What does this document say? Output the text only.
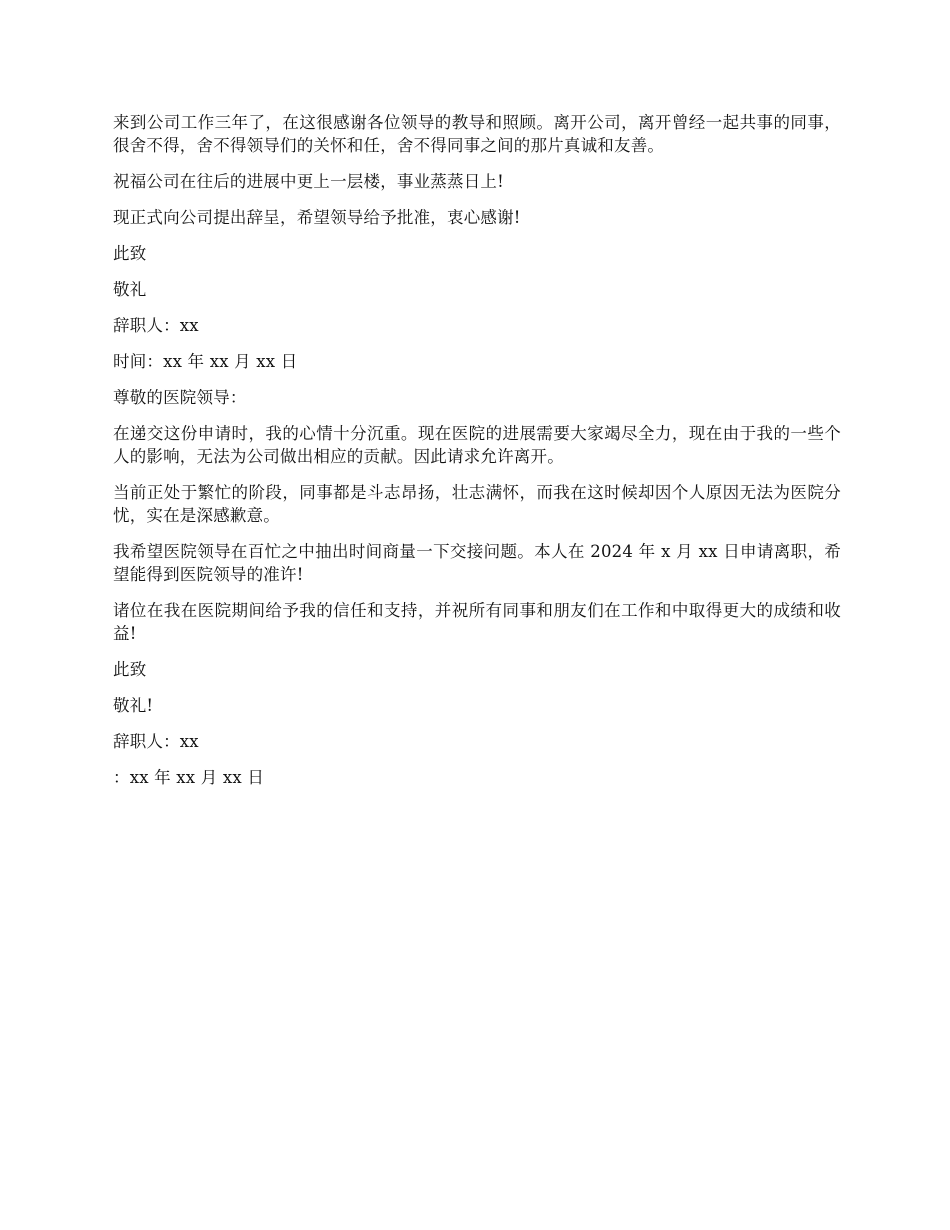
来到公司工作三年了，在这很感谢各位领导的教导和照顾。离开公司，离开曾经一起共事的同事，很舍不得，舍不得领导们的关怀和任，舍不得同事之间的那片真诚和友善。

祝福公司在往后的进展中更上一层楼，事业蒸蒸日上!

现正式向公司提出辞呈，希望领导给予批准，衷心感谢!

此致

敬礼

辞职人：xx

时间：xx 年 xx 月 xx 日

尊敬的医院领导：

在递交这份申请时，我的心情十分沉重。现在医院的进展需要大家竭尽全力，现在由于我的一些个人的影响，无法为公司做出相应的贡献。因此请求允许离开。

当前正处于繁忙的阶段，同事都是斗志昂扬，壮志满怀，而我在这时候却因个人原因无法为医院分忧，实在是深感歉意。

我希望医院领导在百忙之中抽出时间商量一下交接问题。本人在 2024 年 x 月 xx 日申请离职，希望能得到医院领导的准许!

诸位在我在医院期间给予我的信任和支持，并祝所有同事和朋友们在工作和中取得更大的成绩和收益!

此致

敬礼!

辞职人：xx

：xx 年 xx 月 xx 日
